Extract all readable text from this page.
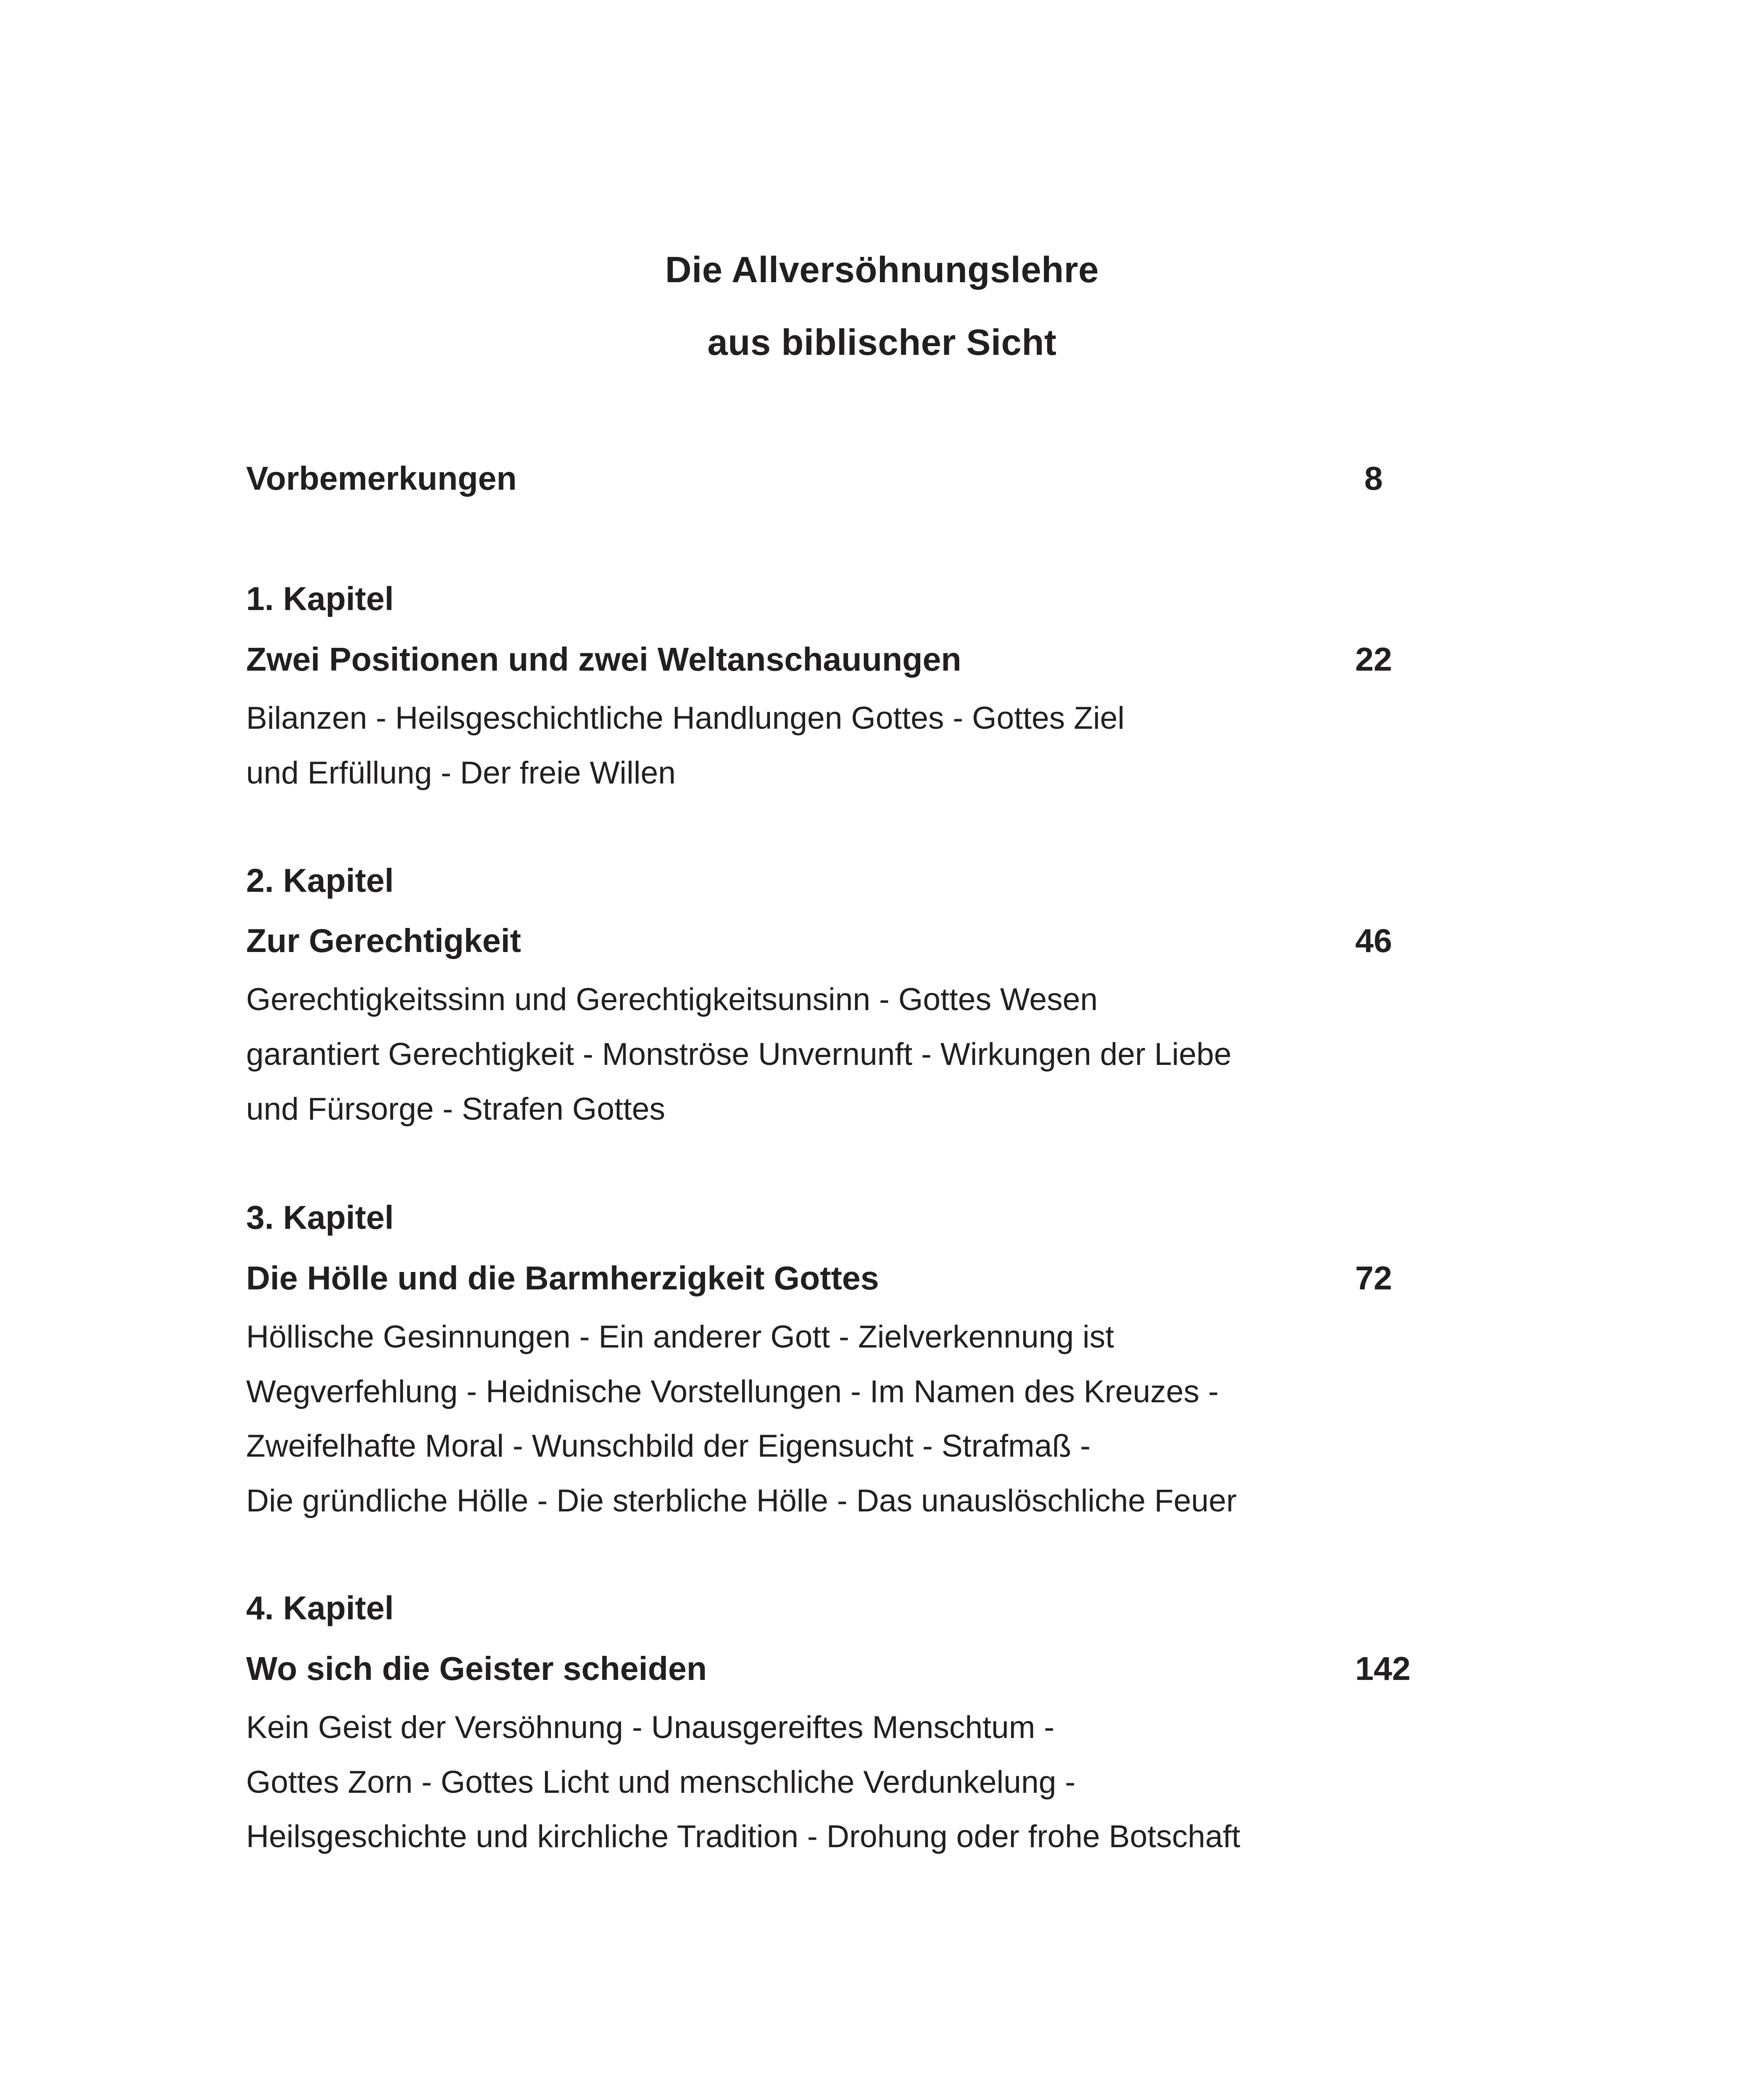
Die Allversöhnungslehre
aus biblischer Sicht
Vorbemerkungen	8
1. Kapitel
Zwei Positionen und zwei Weltanschauungen	22
Bilanzen - Heilsgeschichtliche Handlungen Gottes - Gottes Ziel
und Erfüllung - Der freie Willen
2. Kapitel
Zur Gerechtigkeit	46
Gerechtigkeitssinn und Gerechtigkeitsunsinn - Gottes Wesen
garantiert Gerechtigkeit - Monströse Unvernunft - Wirkungen der Liebe
und Fürsorge - Strafen Gottes
3. Kapitel
Die Hölle und die Barmherzigkeit Gottes	72
Höllische Gesinnungen - Ein anderer Gott - Zielverkennung ist
Wegverfehlung - Heidnische Vorstellungen - Im Namen des Kreuzes -
Zweifelhafte Moral - Wunschbild der Eigensucht - Strafmaß -
Die gründliche Hölle - Die sterbliche Hölle - Das unauslöschliche Feuer
4. Kapitel
Wo sich die Geister scheiden	142
Kein Geist der Versöhnung - Unausgereiftes Menschtum -
Gottes Zorn - Gottes Licht und menschliche Verdunkelung -
Heilsgeschichte und kirchliche Tradition - Drohung oder frohe Botschaft
